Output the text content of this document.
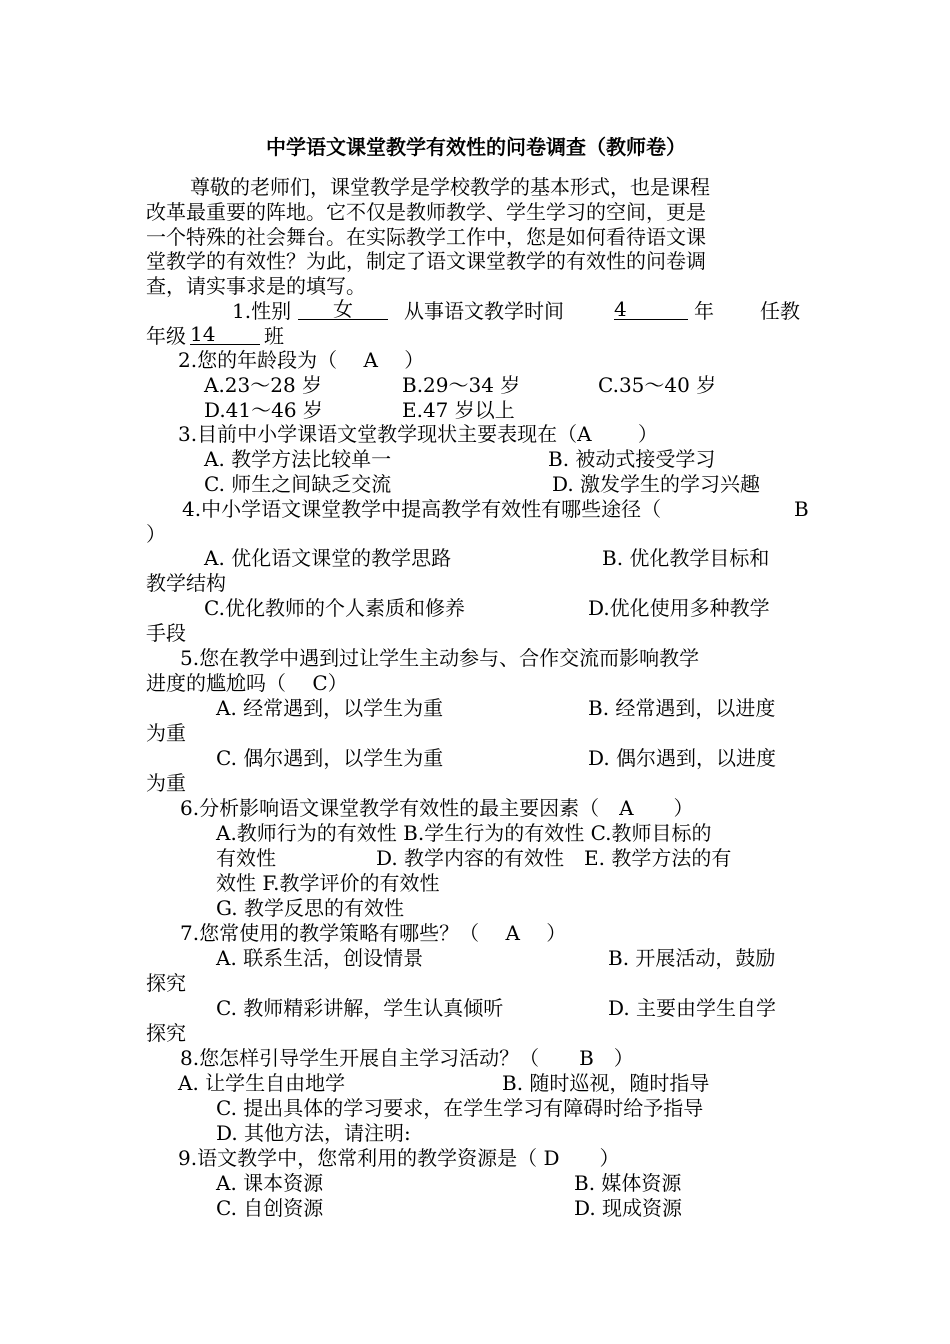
中学语文课堂教学有效性的问卷调查（教师卷）
尊敬的老师们，课堂教学是学校教学的基本形式，也是课程
改革最重要的阵地。它不仅是教师教学、学生学习的空间，更是
一个特殊的社会舞台。在实际教学工作中，您是如何看待语文课
堂教学的有效性？为此，制定了语文课堂教学的有效性的问卷调
查，请实事求是的填写。
1.性别	女	从事语文教学时间	4	年 任教
年级 14	班
2.您的年龄段为（　 A　 ）
A.23～28 岁	B.29～34 岁	C.35～40 岁
D.41～46 岁	E.47 岁以上
3.目前中小学课语文堂教学现状主要表现在（A　　 ）
A. 教学方法比较单一	B. 被动式接受学习
C. 师生之间缺乏交流	D. 激发学生的学习兴趣
4.中小学语文课堂教学中提高教学有效性有哪些途径（	B
）
A. 优化语文课堂的教学思路	B. 优化教学目标和
教学结构
C.优化教师的个人素质和修养	D.优化使用多种教学
手段
5.您在教学中遇到过让学生主动参与、合作交流而影响教学
进度的尴尬吗（　 C）
A. 经常遇到，以学生为重	B. 经常遇到，以进度
为重
C. 偶尔遇到，以学生为重	D. 偶尔遇到，以进度
为重
6.分析影响语文课堂教学有效性的最主要因素（　A　　）
A.教师行为的有效性 B.学生行为的有效性 C.教师目标的
有效性　　　　　D. 教学内容的有效性　E. 教学方法的有
效性 F.教学评价的有效性
G. 教学反思的有效性
7.您常使用的教学策略有哪些？（　 A　 ）
A. 联系生活，创设情景	B. 开展活动，鼓励
探究
C. 教师精彩讲解，学生认真倾听	D. 主要由学生自学
探究
8.您怎样引导学生开展自主学习活动？（　　B　）
A. 让学生自由地学	B. 随时巡视，随时指导
C. 提出具体的学习要求，在学生学习有障碍时给予指导
D. 其他方法，请注明:
9.语文教学中，您常利用的教学资源是（ D　　）
A. 课本资源	B. 媒体资源
C. 自创资源	D. 现成资源
